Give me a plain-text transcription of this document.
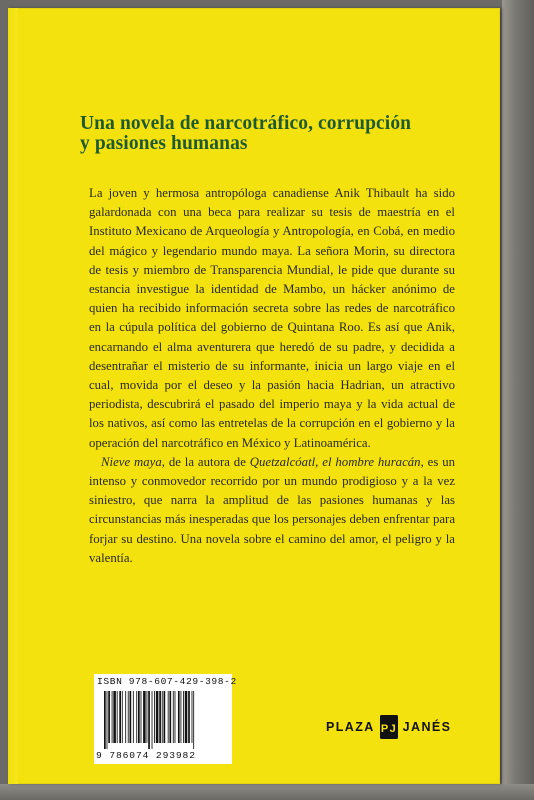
Una novela de narcotráfico, corrupción
y pasiones humanas

La joven y hermosa antropóloga canadiense Anik Thibault ha sido galardonada con una beca para realizar su tesis de maestría en el Instituto Mexicano de Arqueología y Antropología, en Cobá, en medio del mágico y legendario mundo maya. La señora Morin, su directora de tesis y miembro de Transparencia Mundial, le pide que durante su estancia investigue la identidad de Mambo, un hácker anónimo de quien ha recibido información secreta sobre las redes de narcotráfico en la cúpula política del gobierno de Quintana Roo. Es así que Anik, encarnando el alma aventurera que heredó de su padre, y decidida a desentrañar el misterio de su informante, inicia un largo viaje en el cual, movida por el deseo y la pasión hacia Hadrian, un atractivo periodista, descubrirá el pasado del imperio maya y la vida actual de los nativos, así como las entretelas de la corrupción en el gobierno y la operación del narcotráfico en México y Latinoamérica.

Nieve maya, de la autora de Quetzalcóatl, el hombre huracán, es un intenso y conmovedor recorrido por un mundo prodigioso y a la vez siniestro, que narra la amplitud de las pasiones humanas y las circunstancias más inesperadas que los personajes deben enfrentar para forjar su destino. Una novela sobre el camino del amor, el peligro y la valentía.

ISBN 978-607-429-398-2
9 786074 293982
PLAZA PJ JANÉS
